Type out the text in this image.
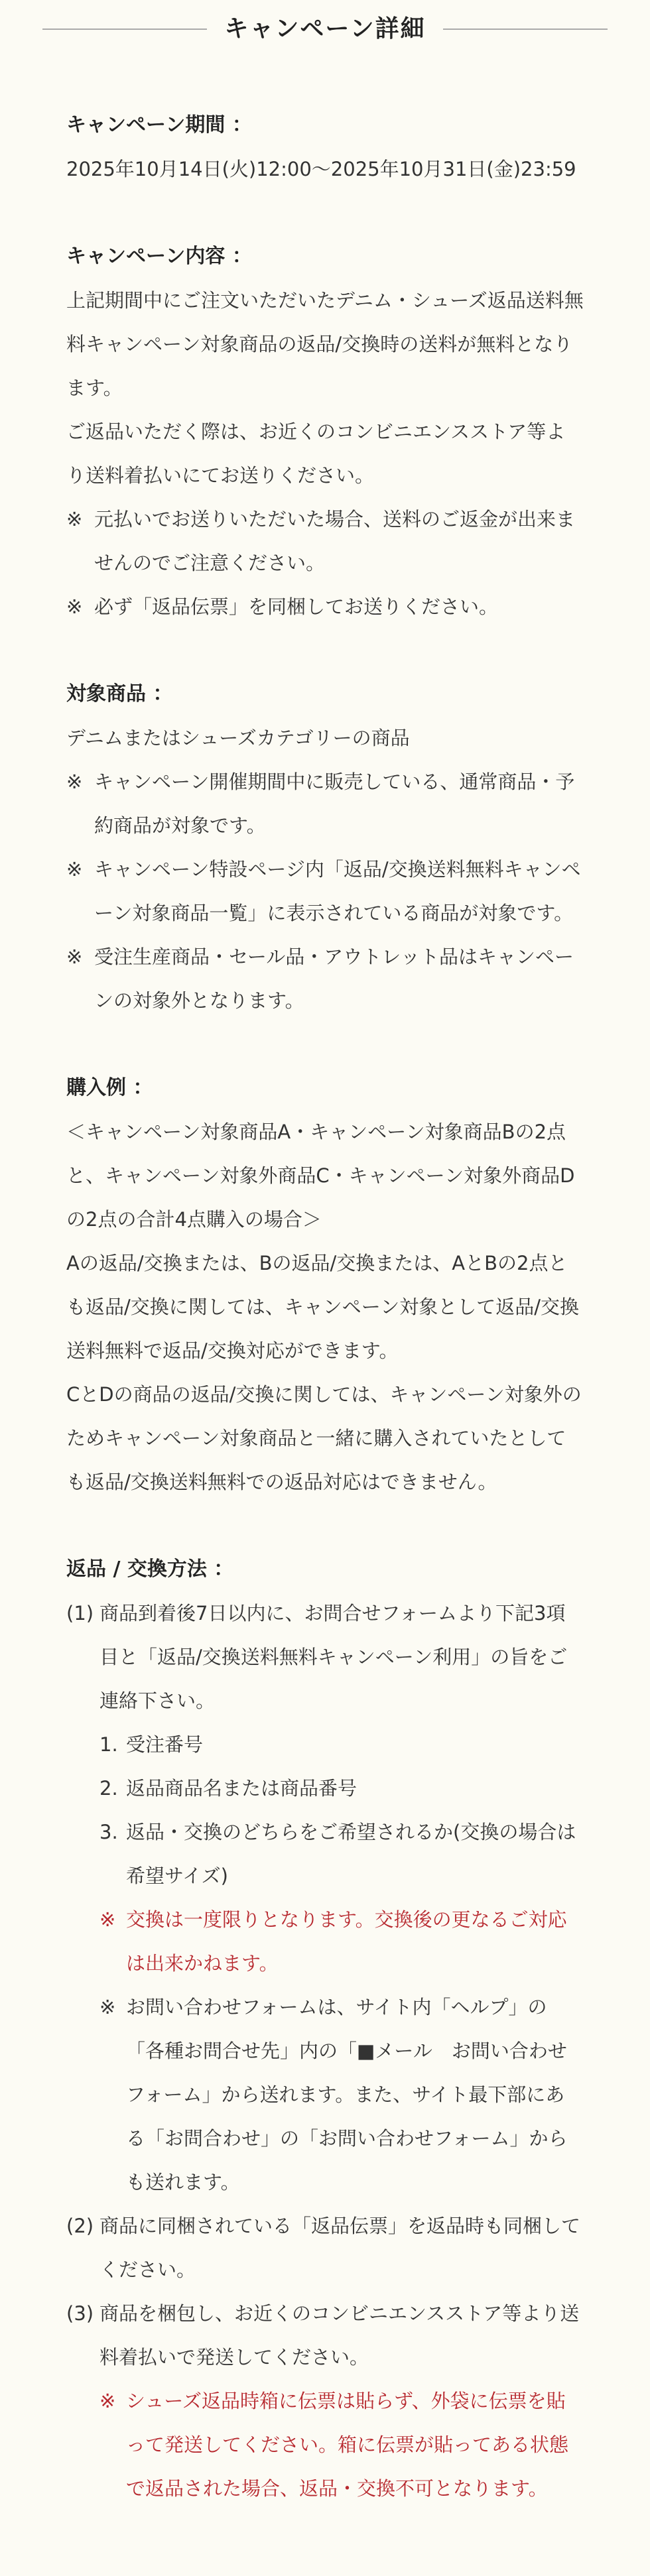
キャンペーン詳細
キャンペーン期間 ：
2025年10月14日(火)12:00～2025年10月31日(金)23:59
キャンペーン内容 ：
上記期間中にご注文いただいたデニム・シューズ返品送料無料キャンペーン対象商品の返品/交換時の送料が無料となります。
ご返品いただく際は、お近くのコンビニエンスストア等より送料着払いにてお送りください。
※ 元払いでお送りいただいた場合、送料のご返金が出来ませんのでご注意ください。
※ 必ず「返品伝票」を同梱してお送りください。
対象商品 ：
デニムまたはシューズカテゴリーの商品
※ キャンペーン開催期間中に販売している、通常商品・予約商品が対象です。
※ キャンペーン特設ページ内「返品/交換送料無料キャンペーン対象商品一覧」に表示されている商品が対象です。
※ 受注生産商品・セール品・アウトレット品はキャンペーンの対象外となります。
購入例 ：
＜キャンペーン対象商品A・キャンペーン対象商品Bの2点と、キャンペーン対象外商品C・キャンペーン対象外商品Dの2点の合計4点購入の場合＞
Aの返品/交換または、Bの返品/交換または、AとBの2点とも返品/交換に関しては、キャンペーン対象として返品/交換送料無料で返品/交換対応ができます。
CとDの商品の返品/交換に関しては、キャンペーン対象外のためキャンペーン対象商品と一緒に購入されていたとしても返品/交換送料無料での返品対応はできません。
返品 / 交換方法 ：
(1) 商品到着後7日以内に、お問合せフォームより下記3項目と「返品/交換送料無料キャンペーン利用」の旨をご連絡下さい。
1. 受注番号
2. 返品商品名または商品番号
3. 返品・交換のどちらをご希望されるか(交換の場合は希望サイズ)
※ 交換は一度限りとなります。交換後の更なるご対応は出来かねます。
※ お問い合わせフォームは、サイト内「ヘルプ」の「各種お問合せ先」内の「■メール　お問い合わせフォーム」から送れます。また、サイト最下部にある「お問合わせ」の「お問い合わせフォーム」からも送れます。
(2) 商品に同梱されている「返品伝票」を返品時も同梱してください。
(3) 商品を梱包し、お近くのコンビニエンスストア等より送料着払いで発送してください。
※ シューズ返品時箱に伝票は貼らず、外袋に伝票を貼って発送してください。箱に伝票が貼ってある状態で返品された場合、返品・交換不可となります。
